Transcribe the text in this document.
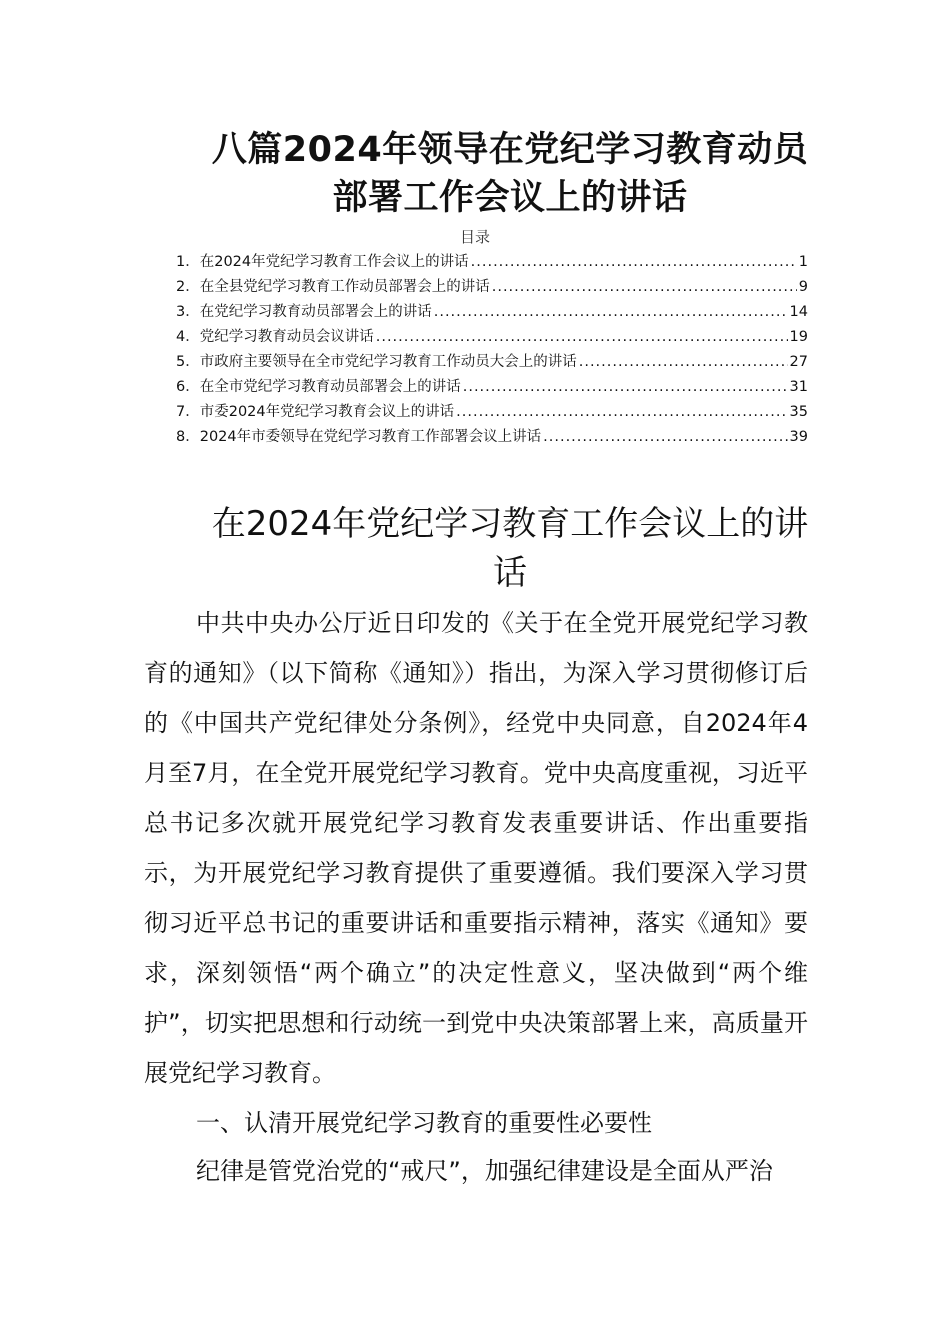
八篇2024年领导在党纪学习教育动员部署工作会议上的讲话
目录
1． 在2024年党纪学习教育工作会议上的讲话 .....	1
2． 在全县党纪学习教育工作动员部署会上的讲话 .....	9
3． 在党纪学习教育动员部署会上的讲话 .....	14
4． 党纪学习教育动员会议讲话 .....	19
5． 市政府主要领导在全市党纪学习教育工作动员大会上的讲话 .....	27
6． 在全市党纪学习教育动员部署会上的讲话 .....	31
7． 市委2024年党纪学习教育会议上的讲话 .....	35
8． 2024年市委领导在党纪学习教育工作部署会议上讲话 .....	39
在2024年党纪学习教育工作会议上的讲话

中共中央办公厅近日印发的《关于在全党开展党纪学习教育的通知》（以下简称《通知》）指出，为深入学习贯彻修订后的《中国共产党纪律处分条例》，经党中央同意，自2024年4月至7月，在全党开展党纪学习教育。党中央高度重视，习近平总书记多次就开展党纪学习教育发表重要讲话、作出重要指示，为开展党纪学习教育提供了重要遵循。我们要深入学习贯彻习近平总书记的重要讲话和重要指示精神，落实《通知》要求，深刻领悟“两个确立”的决定性意义，坚决做到“两个维护”，切实把思想和行动统一到党中央决策部署上来，高质量开展党纪学习教育。

一、认清开展党纪学习教育的重要性必要性

纪律是管党治党的“戒尺”，加强纪律建设是全面从严治
